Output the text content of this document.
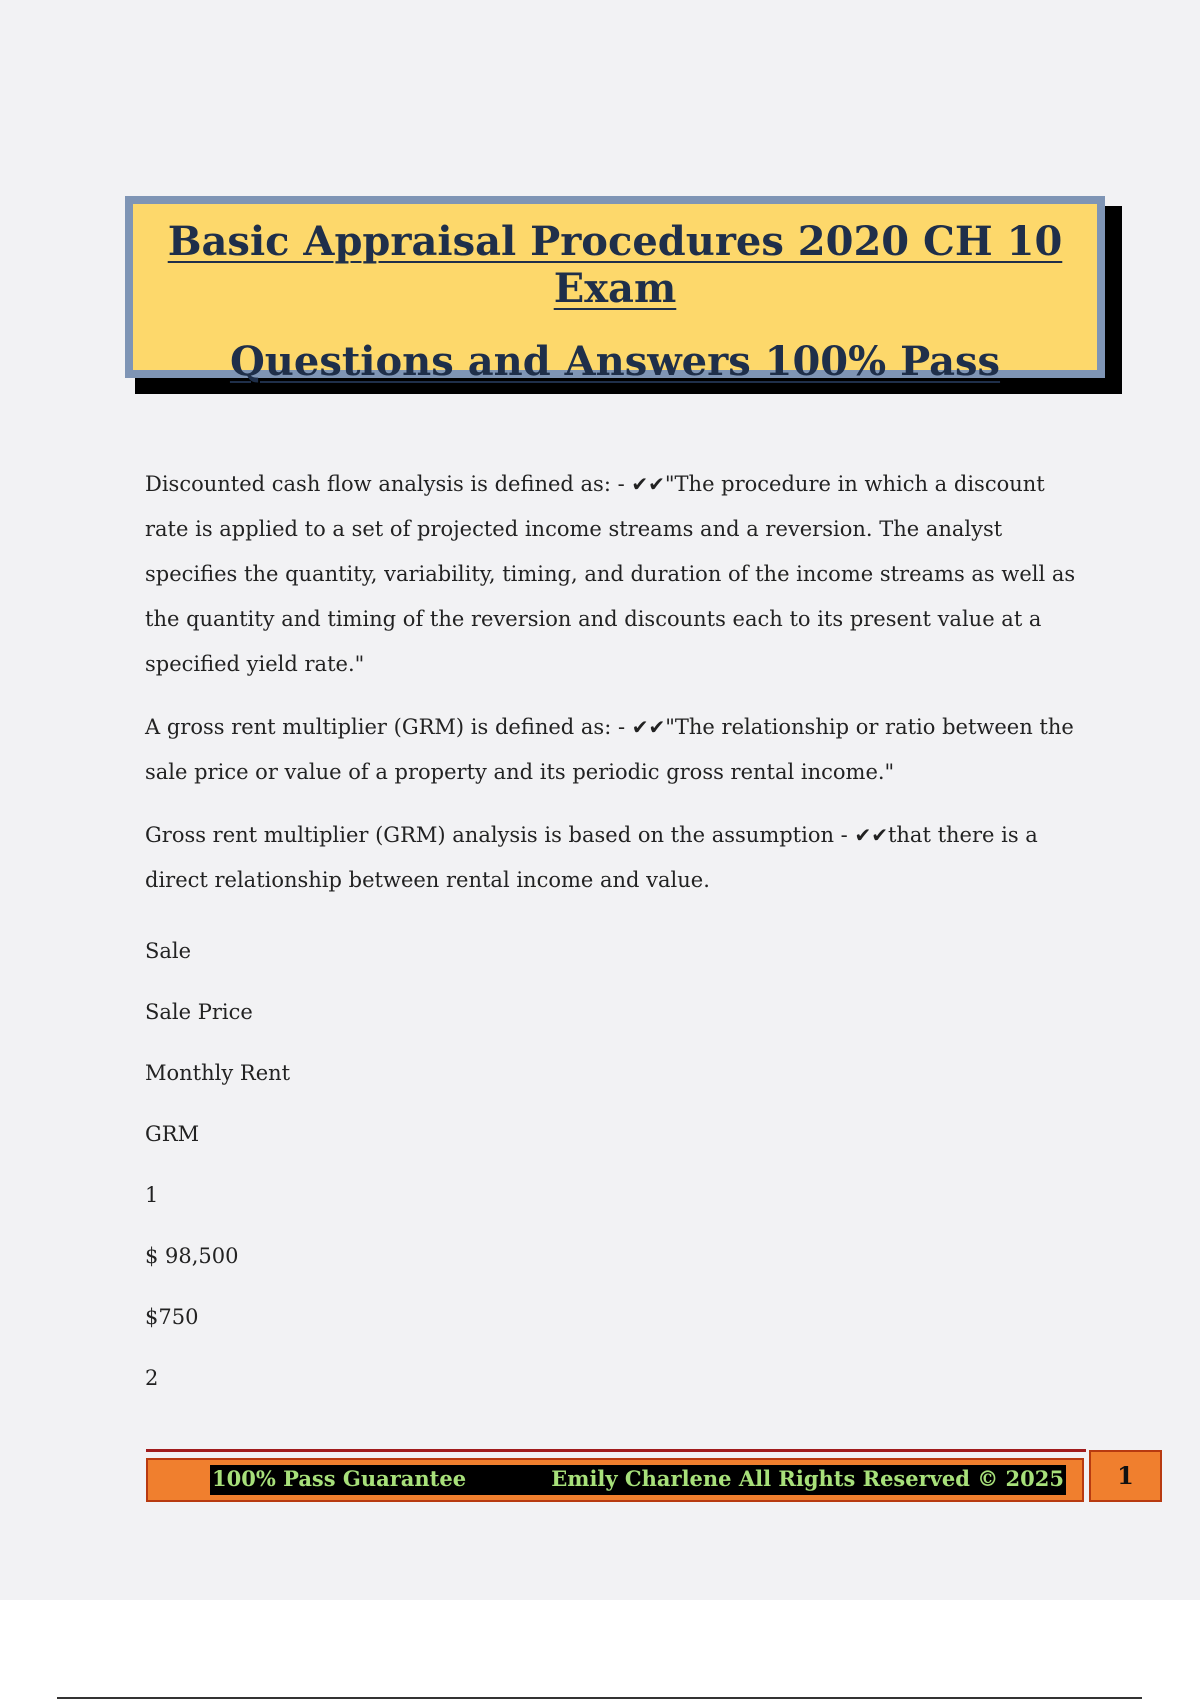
Basic Appraisal Procedures 2020 CH 10 Exam
Questions and Answers 100% Pass

Discounted cash flow analysis is defined as: - ✔✔"The procedure in which a discount rate is applied to a set of projected income streams and a reversion. The analyst specifies the quantity, variability, timing, and duration of the income streams as well as the quantity and timing of the reversion and discounts each to its present value at a specified yield rate."

A gross rent multiplier (GRM) is defined as: - ✔✔"The relationship or ratio between the sale price or value of a property and its periodic gross rental income."

Gross rent multiplier (GRM) analysis is based on the assumption - ✔✔that there is a direct relationship between rental income and value.

Sale

Sale Price

Monthly Rent

GRM

1

$ 98,500

$750

2

100% Pass Guarantee	Emily Charlene All Rights Reserved © 2025	1
